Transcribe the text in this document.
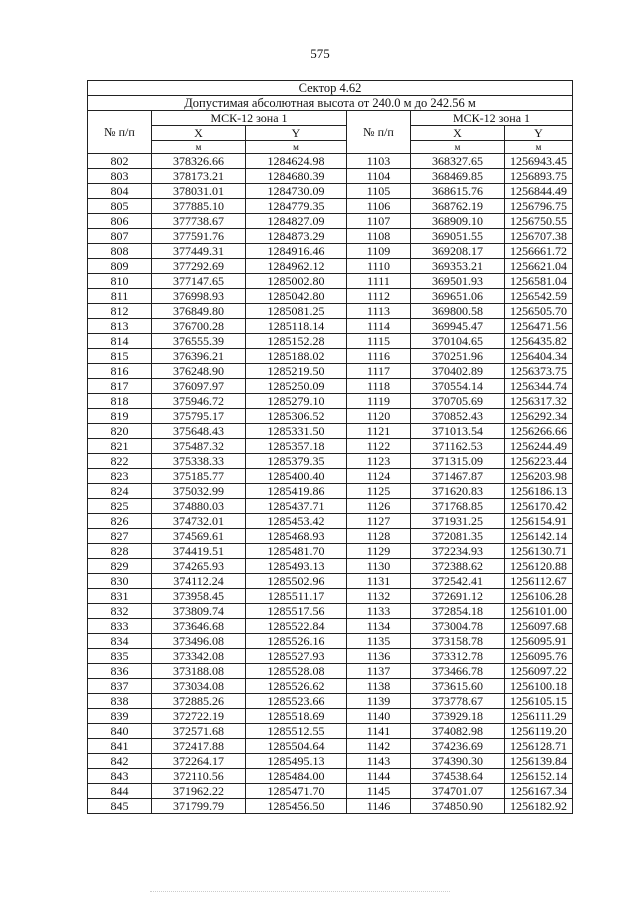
575
Сектор 4.62					
Допустимая абсолютная высота от 240.0 м до 242.56 м					
№ п/п	МСК-12 зона 1		№ п/п	МСК-12 зона 1	
	X	Y		X	Y
	м	м		м	м
802	378326.66	1284624.98	1103	368327.65	1256943.45
803	378173.21	1284680.39	1104	368469.85	1256893.75
804	378031.01	1284730.09	1105	368615.76	1256844.49
805	377885.10	1284779.35	1106	368762.19	1256796.75
806	377738.67	1284827.09	1107	368909.10	1256750.55
807	377591.76	1284873.29	1108	369051.55	1256707.38
808	377449.31	1284916.46	1109	369208.17	1256661.72
809	377292.69	1284962.12	1110	369353.21	1256621.04
810	377147.65	1285002.80	1111	369501.93	1256581.04
811	376998.93	1285042.80	1112	369651.06	1256542.59
812	376849.80	1285081.25	1113	369800.58	1256505.70
813	376700.28	1285118.14	1114	369945.47	1256471.56
814	376555.39	1285152.28	1115	370104.65	1256435.82
815	376396.21	1285188.02	1116	370251.96	1256404.34
816	376248.90	1285219.50	1117	370402.89	1256373.75
817	376097.97	1285250.09	1118	370554.14	1256344.74
818	375946.72	1285279.10	1119	370705.69	1256317.32
819	375795.17	1285306.52	1120	370852.43	1256292.34
820	375648.43	1285331.50	1121	371013.54	1256266.66
821	375487.32	1285357.18	1122	371162.53	1256244.49
822	375338.33	1285379.35	1123	371315.09	1256223.44
823	375185.77	1285400.40	1124	371467.87	1256203.98
824	375032.99	1285419.86	1125	371620.83	1256186.13
825	374880.03	1285437.71	1126	371768.85	1256170.42
826	374732.01	1285453.42	1127	371931.25	1256154.91
827	374569.61	1285468.93	1128	372081.35	1256142.14
828	374419.51	1285481.70	1129	372234.93	1256130.71
829	374265.93	1285493.13	1130	372388.62	1256120.88
830	374112.24	1285502.96	1131	372542.41	1256112.67
831	373958.45	1285511.17	1132	372691.12	1256106.28
832	373809.74	1285517.56	1133	372854.18	1256101.00
833	373646.68	1285522.84	1134	373004.78	1256097.68
834	373496.08	1285526.16	1135	373158.78	1256095.91
835	373342.08	1285527.93	1136	373312.78	1256095.76
836	373188.08	1285528.08	1137	373466.78	1256097.22
837	373034.08	1285526.62	1138	373615.60	1256100.18
838	372885.26	1285523.66	1139	373778.67	1256105.15
839	372722.19	1285518.69	1140	373929.18	1256111.29
840	372571.68	1285512.55	1141	374082.98	1256119.20
841	372417.88	1285504.64	1142	374236.69	1256128.71
842	372264.17	1285495.13	1143	374390.30	1256139.84
843	372110.56	1285484.00	1144	374538.64	1256152.14
844	371962.22	1285471.70	1145	374701.07	1256167.34
845	371799.79	1285456.50	1146	374850.90	1256182.92
